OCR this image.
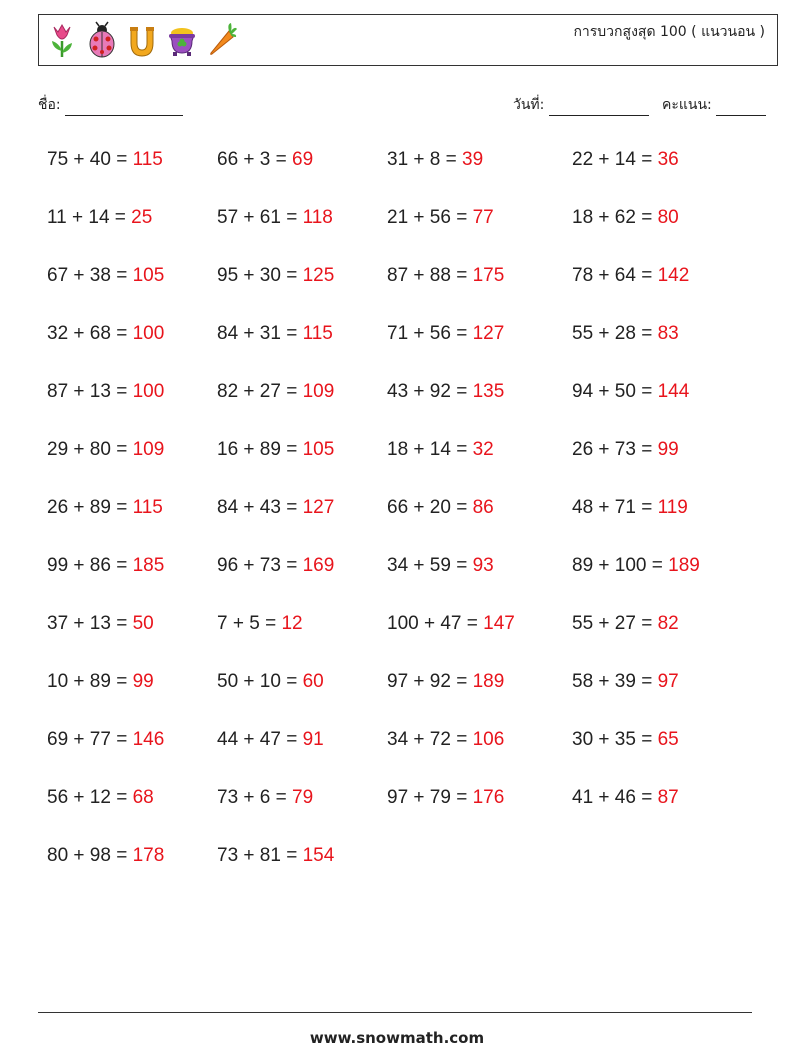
การบวกสูงสุด 100 ( แนวนอน )
ชื่อ:	วันที่:	คะแนน:
75 + 40 = 115	66 + 3 = 69	31 + 8 = 39	22 + 14 = 36
11 + 14 = 25	57 + 61 = 118	21 + 56 = 77	18 + 62 = 80
67 + 38 = 105	95 + 30 = 125	87 + 88 = 175	78 + 64 = 142
32 + 68 = 100	84 + 31 = 115	71 + 56 = 127	55 + 28 = 83
87 + 13 = 100	82 + 27 = 109	43 + 92 = 135	94 + 50 = 144
29 + 80 = 109	16 + 89 = 105	18 + 14 = 32	26 + 73 = 99
26 + 89 = 115	84 + 43 = 127	66 + 20 = 86	48 + 71 = 119
99 + 86 = 185	96 + 73 = 169	34 + 59 = 93	89 + 100 = 189
37 + 13 = 50	7 + 5 = 12	100 + 47 = 147	55 + 27 = 82
10 + 89 = 99	50 + 10 = 60	97 + 92 = 189	58 + 39 = 97
69 + 77 = 146	44 + 47 = 91	34 + 72 = 106	30 + 35 = 65
56 + 12 = 68	73 + 6 = 79	97 + 79 = 176	41 + 46 = 87
80 + 98 = 178	73 + 81 = 154
www.snowmath.com
